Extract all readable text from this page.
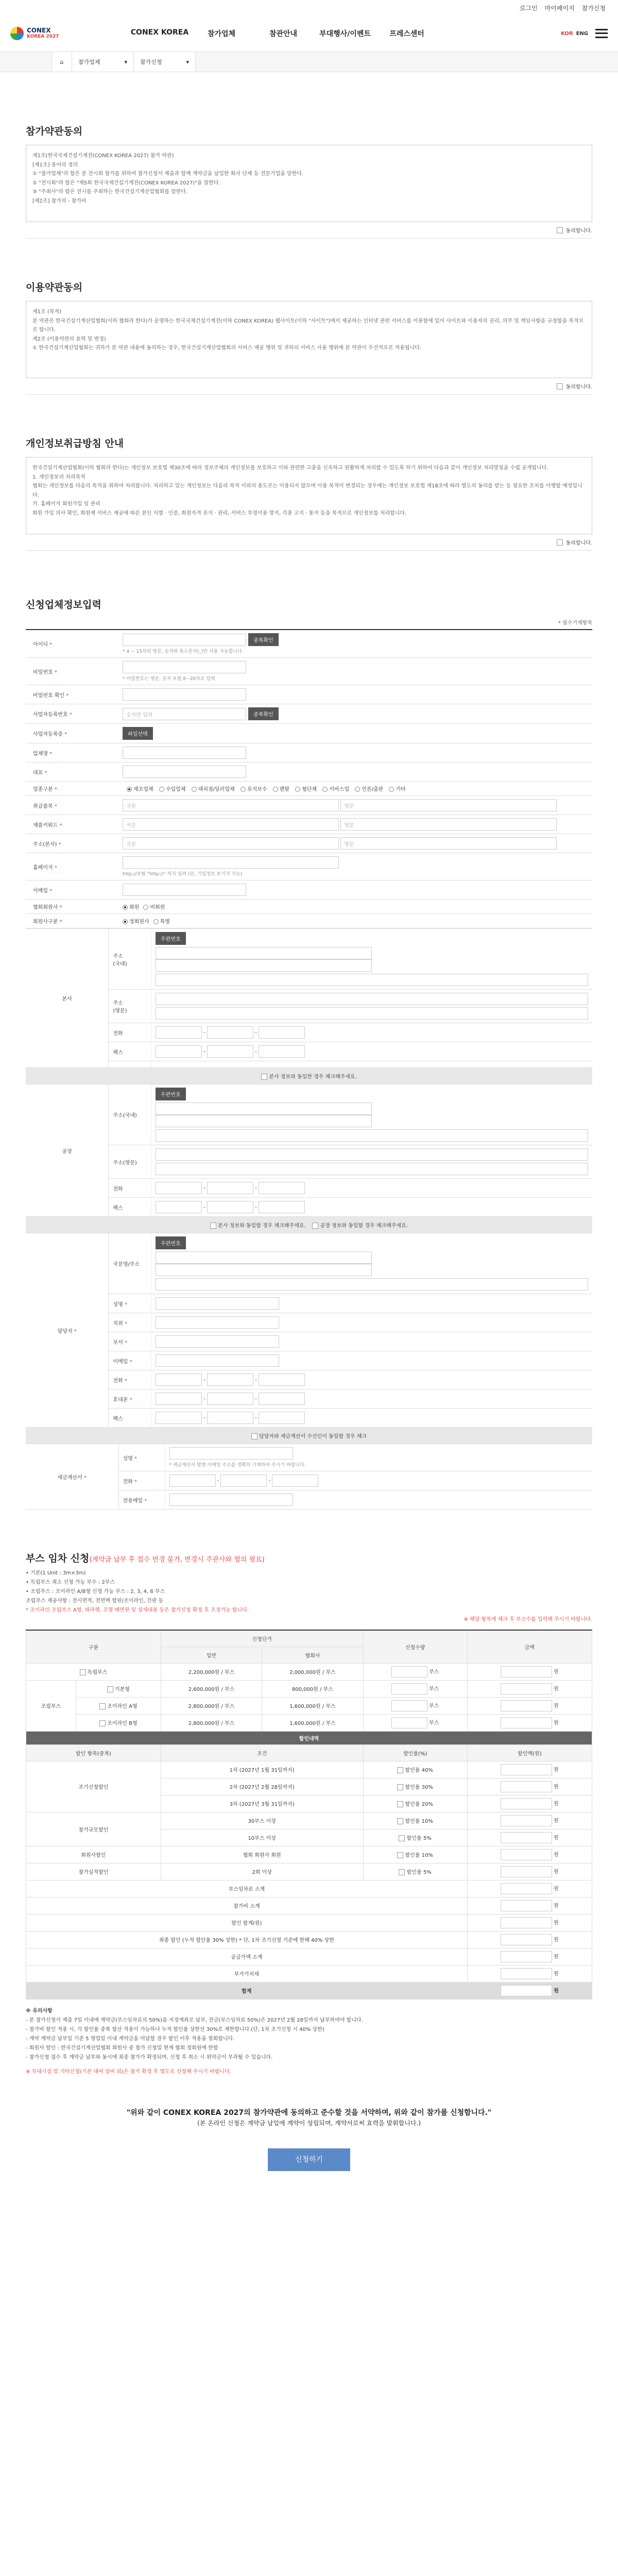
로그인 마이페이지 참가신청
CONEX
KOREA 2027	CONEX KOREA	참가업체	참관안내	부대행사/이벤트	프레스센터	KOR ENG
⌂	참가업체	▾ 참가신청	▾
참가약관동의
제1조(한국국제건설기계전(CONEX KOREA 2027) 참가 약관)
[제1조] 용어의 정의
① "참가업체"라 함은 본 전시회 참가를 위하여 참가신청서 제출과 함께 계약금을 납입한 회사 단체 등 전문기업을 말한다.
② "전시회"라 함은 "제5회 한국국제건설기계전(CONEX KOREA 2027)"을 말한다.
③ "주최사"라 함은 전시를 주최하는 한국건설기계산업협회를 말한다.
[제2조] 참가의 - 참가비
동의합니다.
이용약관동의
제1조 (목적)
본 약관은 한국건설기계산업협회(이하 협회라 한다)가 운영하는 한국국제건설기계전(이하 CONEX KOREA) 웹사이트(이하 "사이트")에서 제공하는 인터넷 관련 서비스를 이용함에 있어 사이트와 이용자의 권리, 의무 및 책임사항을 규정함을 목적으로 합니다.
제2조 (이용약관의 효력 및 변경)
① 한국건설기계산업협회는 귀하가 본 약관 내용에 동의하는 경우, 한국건설기계산업협회의 서비스 제공 행위 및 귀하의 서비스 사용 행위에 본 약관이 우선적으로 적용됩니다.
동의합니다.
개인정보취급방침 안내
한국건설기계산업협회(이하 협회라 한다)는 개인정보 보호법 제30조에 따라 정보주체의 개인정보를 보호하고 이와 관련한 고충을 신속하고 원활하게 처리할 수 있도록 하기 위하여 다음과 같이 개인정보 처리방침을 수립 공개합니다.
1. 개인정보의 처리목적
협회는 개인정보를 다음의 목적을 위하여 처리합니다. 처리하고 있는 개인정보는 다음의 목적 이외의 용도로는 이용되지 않으며 이용 목적이 변경되는 경우에는 개인정보 보호법 제18조에 따라 별도의 동의를 받는 등 필요한 조치를 이행할 예정입니다.
가. 홈페이지 회원가입 및 관리
회원 가입 의사 확인, 회원제 서비스 제공에 따른 본인 식별 · 인증, 회원자격 유지 · 관리, 서비스 부정이용 방지, 각종 고지 · 통지 등을 목적으로 개인정보를 처리합니다.
동의합니다.
신청업체정보입력
* 필수기재항목
아이디 *	중복확인
* 4 ~ 15자의 영문, 숫자와 특수문자(_)만 사용 가능합니다.

비밀번호 *	* 비밀번호는 영문, 숫자 포함 8~20자로 입력

비밀번호 확인 *	
사업자등록번호 *	숫자만 입력 중복확인
사업자등록증 *	파일선택
업체명 *	
대표 *	
업종구분 *	제조업체 수입업체 대리점/딜러업체 유지보수 렌탈 협단체 서비스업 언론/출판 기타
취급품목 *	국문 영문
제품키워드 *	국문 영문
주소(본사) *	국문 영문
홈페이지 *	http://포함 "http://" 까지 입력 (단, 기입정보 부기가 가능)

이메일 *	
협회회원사 *	회원 비회원
회원사구분 *	정회원사 특별
본사	주소
(국내)	우편번호

	주소
(영문)	

	전화	- -
	팩스	- -

본사 정보와 동일한 경우 체크해주세요.		
공장	주소(국내)	우편번호

	주소(영문)	

	전화	- -
	팩스	- -
본사 정보와 동일할 경우 체크해주세요. 공장 정보와 동일할 경우 체크해주세요.		
담당자 *	국문명/주소	우편번호

	성명 *	
	직위 *	
	부서 *	
	이메일 *	
	전화 *	- -
	휴대폰 *	- -
	팩스	- -
담당자와 세금계산서 수신인이 동일할 경우 체크		
세금계산서 *	성명 *	* 세금계산서 발행 이메일 주소를 정확히 기재하여 주시기 바랍니다.

	전화 *	- -
	전용메일 *	
부스 임차 신청(계약금 납부 후 접수 번경 불가, 변경시 주관사와 협의 필요)
• 기본(1 Unit : 3m×3m)
• 독립부스 최소 신청 가능 부수 : 2부스
• 조립부스 : 조이라인 A/B형 신청 가능 부스 : 2, 3, 4, 6 부스
조립부스 제공사항 : 전시면적, 전면벽 합판/조이라인, 간판 등
* 조이라인 조립부스 A형, 파라펫, 조명 배면판 및 상세내용 등은 참가신청 확정 후 조정가능 합니다.
※ 해당 항목에 체크 후 부스수를 입력해 주시기 바랍니다.
구분		신청단가		신청수량	금액
		일반	협회사		
독립부스		2,200,000원 / 부스	2,000,000원 / 부스	부스	원
조립부스	기본형	2,600,000원 / 부스	800,000원 / 부스	부스	원
	조이라인 A형	2,800,000원 / 부스	1,600,000원 / 부스	부스	원
	조이라인 B형	2,800,000원 / 부스	1,600,000원 / 부스	부스	원
할인내역					
할인 항목(중복)		조건		할인율(%)	할인액(원)
조기신청할인		1차 (2027년 1월 31일까지)		할인율 40%	원
		2차 (2027년 2월 28일까지)		할인율 30%	원
		3차 (2027년 3월 31일까지)		할인율 20%	원
참가규모할인		30부스 이상		할인율 10%	원
		10부스 이상		할인율 5%	원
회원사할인		협회 회원사 회원		할인율 10%	원
참가실적할인		2회 이상		할인율 5%	원
부스임차료 소계					원
참가비 소계					원
할인 합계(원)					원
최종 할인 (누적 할인율 30% 상한) * 단, 1차 조기신청 기준에 한해 40% 상한					원
공급가액 소계					원
부가가치세					원
합계					원
※ 유의사항
- 본 참가신청서 제출 7일 이내에 계약금(부스임차료의 50%)을 지정계좌로 납부, 잔금(부스임차료 50%)은 2027년 2월 28일까지 납부하여야 합니다.
- 참가비 할인 적용 시, 각 할인율 중복 합산 적용이 가능하나 누적 할인율 상한선 30%로 제한합니다.(단, 1차 조기신청 시 40% 상한)
- 계약 계약금 납부일 기준 5 영업일 이내 계약금을 미납할 경우 할인 이후 적용을 철회합니다.
- 회원사 할인 : 한국건설기계산업협회 회원사 중 참가 신청일 현재 협회 정회원에 한함
- 참가신청 접수 후 계약금 납부와 동시에 최종 참가가 확정되며, 신청 후 취소 시 위약금이 부과될 수 있습니다.
※ 부대시설 및 기타신청(기본 대여 장비 외)은 참가 확정 후 별도로 신청해 주시기 바랍니다.
"위와 같이 CONEX KOREA 2027의 참가약관에 동의하고 준수할 것을 서약하며, 위와 같이 참가를 신청합니다."
(본 온라인 신청은 계약금 납입에 계약이 성립되며, 계약서로써 효력을 발휘합니다.)
신청하기
